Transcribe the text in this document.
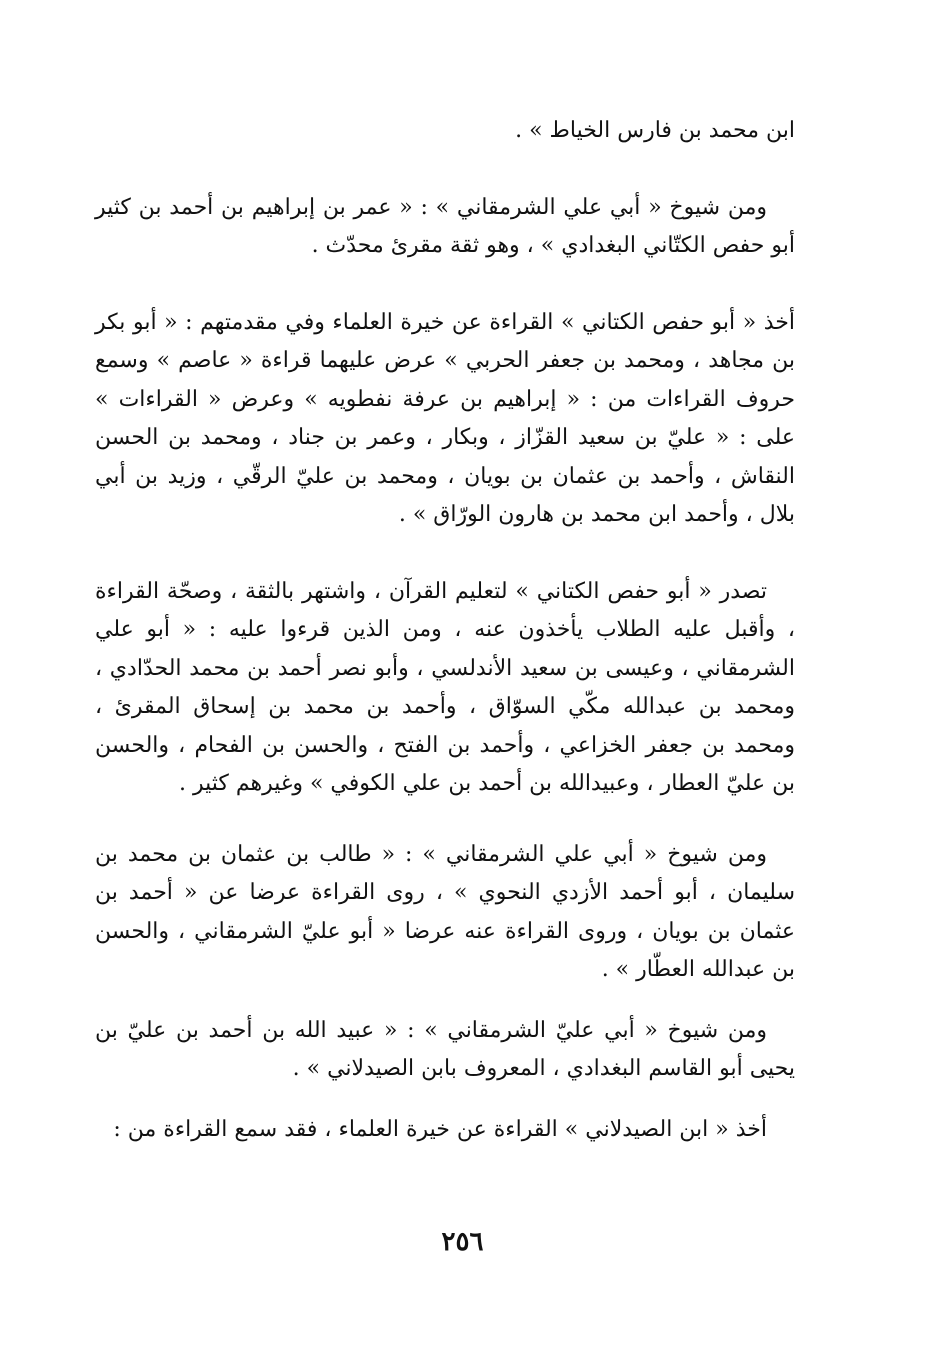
ابن محمد بن فارس الخياط » .

ومن شيوخ « أبي علي الشرمقاني » : « عمر بن إبراهيم بن أحمد بن كثير أبو حفص الكتّاني البغدادي » ، وهو ثقة مقرئ محدّث .

أخذ « أبو حفص الكتاني » القراءة عن خيرة العلماء وفي مقدمتهم : « أبو بكر بن مجاهد ، ومحمد بن جعفر الحربي » عرض عليهما قراءة « عاصم » وسمع حروف القراءات من : « إبراهيم بن عرفة نفطويه » وعرض « القراءات » على : « عليّ بن سعيد القزّاز ، وبكار ، وعمر بن جناد ، ومحمد بن الحسن النقاش ، وأحمد بن عثمان بن بويان ، ومحمد بن عليّ الرقّي ، وزيد بن أبي بلال ، وأحمد ابن محمد بن هارون الورّاق » .

تصدر « أبو حفص الكتاني » لتعليم القرآن ، واشتهر بالثقة ، وصحّة القراءة ، وأقبل عليه الطلاب يأخذون عنه ، ومن الذين قرءوا عليه : « أبو علي الشرمقاني ، وعيسى بن سعيد الأندلسي ، وأبو نصر أحمد بن محمد الحدّادي ، ومحمد بن عبدالله مكّي السوّاق ، وأحمد بن محمد بن إسحاق المقرئ ، ومحمد بن جعفر الخزاعي ، وأحمد بن الفتح ، والحسن بن الفحام ، والحسن بن عليّ العطار ، وعبيدالله بن أحمد بن علي الكوفي » وغيرهم كثير .

ومن شيوخ « أبي علي الشرمقاني » : « طالب بن عثمان بن محمد بن سليمان ، أبو أحمد الأزدي النحوي » ، روى القراءة عرضا عن « أحمد بن عثمان بن بويان ، وروى القراءة عنه عرضا « أبو عليّ الشرمقاني ، والحسن بن عبدالله العطّار » .

ومن شيوخ « أبي عليّ الشرمقاني » : « عبيد الله بن أحمد بن عليّ بن يحيى أبو القاسم البغدادي ، المعروف بابن الصيدلاني » .

أخذ « ابن الصيدلاني » القراءة عن خيرة العلماء ، فقد سمع القراءة من :

٢٥٦
